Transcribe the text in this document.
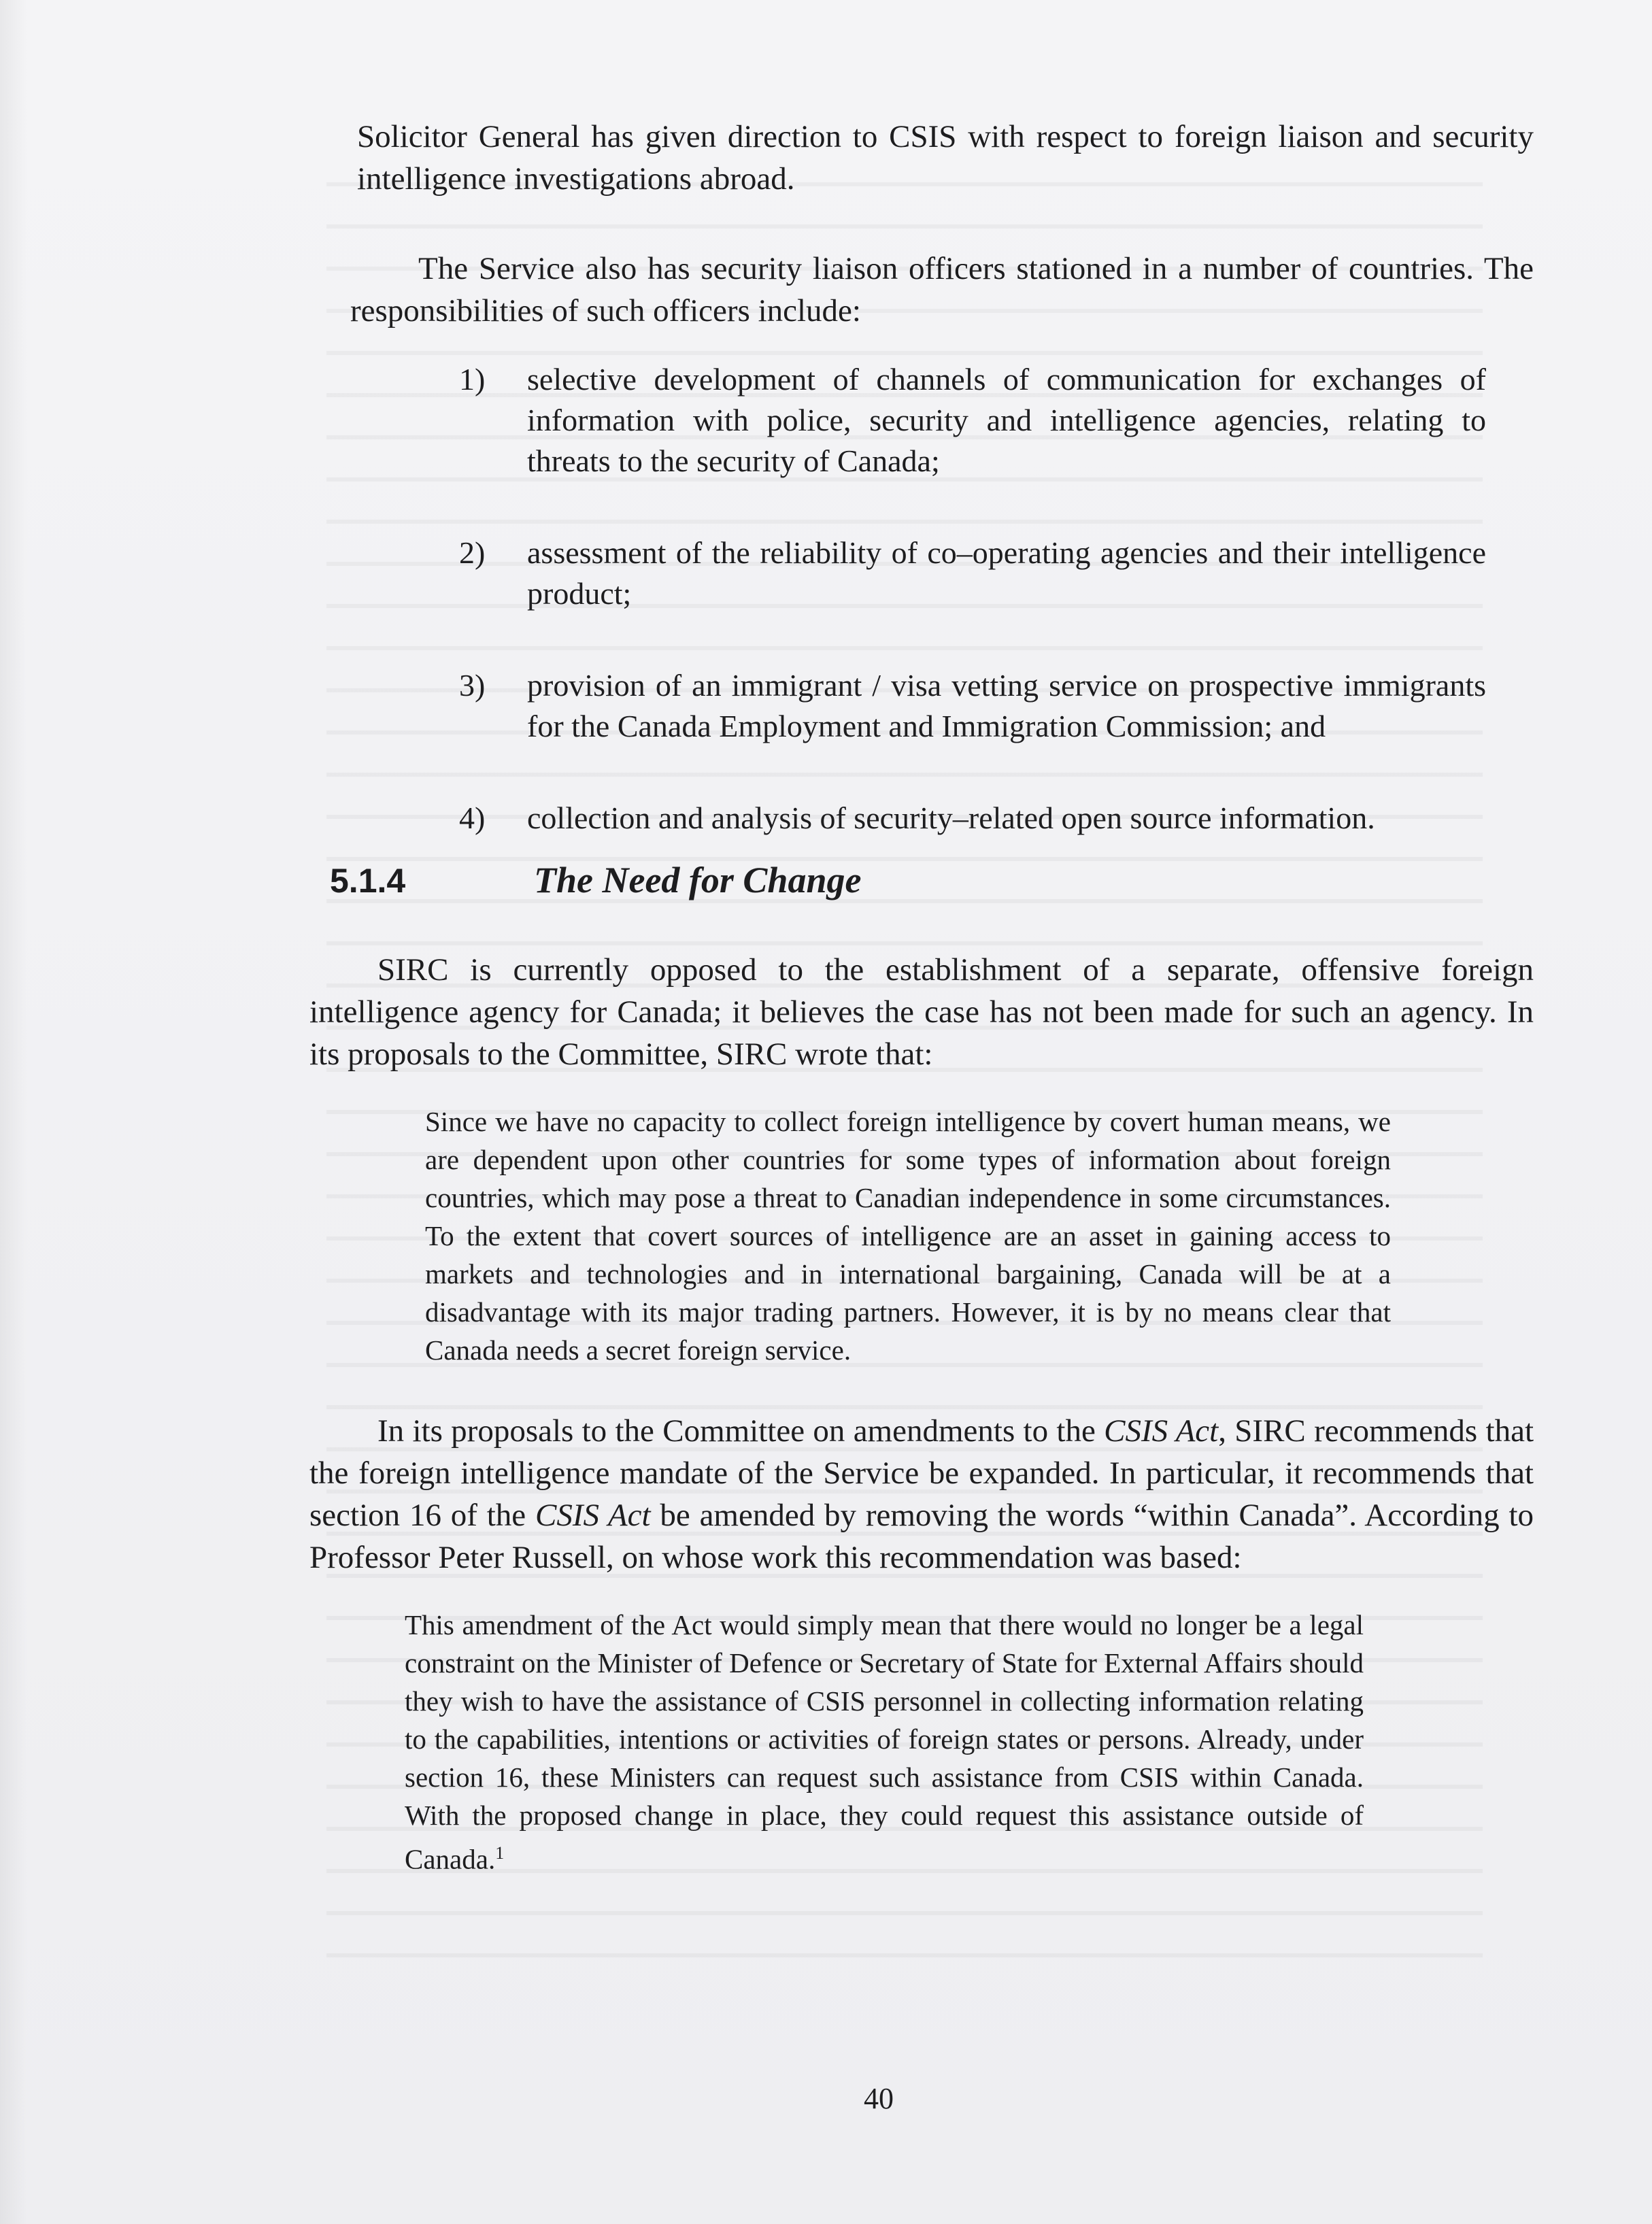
Solicitor General has given direction to CSIS with respect to foreign liaison and security intelligence investigations abroad.

The Service also has security liaison officers stationed in a number of countries. The responsibilities of such officers include:

1)	selective development of channels of communication for exchanges of information with police, security and intelligence agencies, relating to threats to the security of Canada;
2)	assessment of the reliability of co–operating agencies and their intelligence product;
3)	provision of an immigrant / visa vetting service on prospective immigrants for the Canada Employment and Immigration Commission; and
4)	collection and analysis of security–related open source information.
5.1.4	The Need for Change

SIRC is currently opposed to the establishment of a separate, offensive foreign intelligence agency for Canada; it believes the case has not been made for such an agency. In its proposals to the Committee, SIRC wrote that:

Since we have no capacity to collect foreign intelligence by covert human means, we are dependent upon other countries for some types of information about foreign countries, which may pose a threat to Canadian independence in some circumstances. To the extent that covert sources of intelligence are an asset in gaining access to markets and technologies and in international bargaining, Canada will be at a disadvantage with its major trading partners. However, it is by no means clear that Canada needs a secret foreign service.

In its proposals to the Committee on amendments to the CSIS Act, SIRC recommends that the foreign intelligence mandate of the Service be expanded. In particular, it recommends that section 16 of the CSIS Act be amended by removing the words “within Canada”. According to Professor Peter Russell, on whose work this recommendation was based:

This amendment of the Act would simply mean that there would no longer be a legal constraint on the Minister of Defence or Secretary of State for External Affairs should they wish to have the assistance of CSIS personnel in collecting information relating to the capabilities, intentions or activities of foreign states or persons. Already, under section 16, these Ministers can request such assistance from CSIS within Canada. With the proposed change in place, they could request this assistance outside of Canada.$^1$

40
